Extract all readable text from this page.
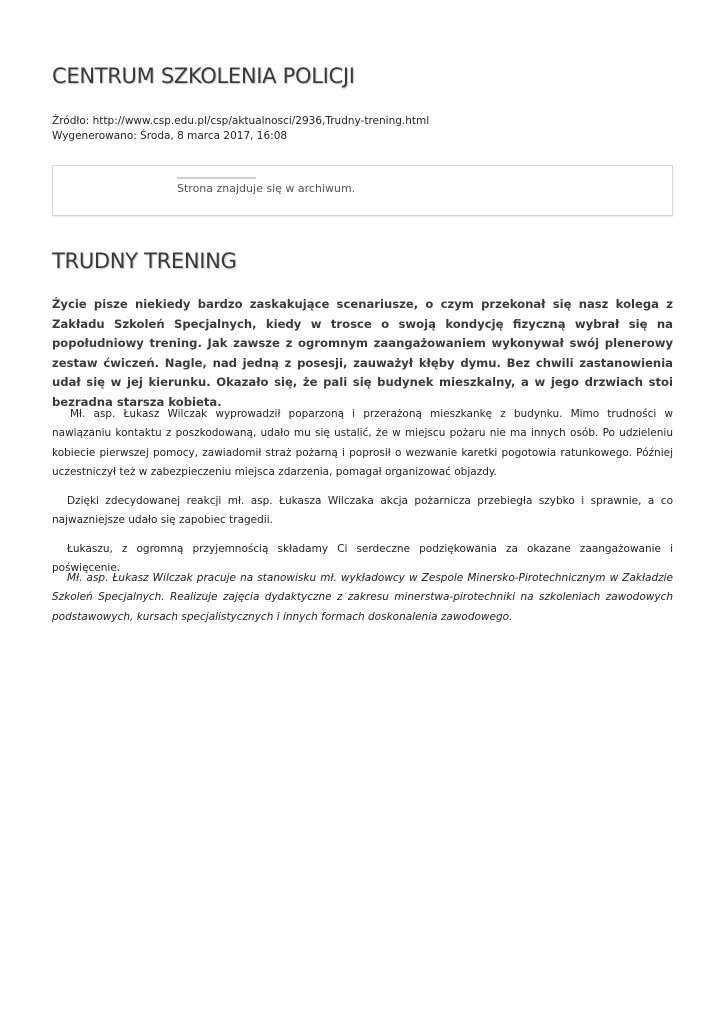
CENTRUM SZKOLENIA POLICJI
Źródło: http://www.csp.edu.pl/csp/aktualnosci/2936,Trudny-trening.html
Wygenerowano: Środa, 8 marca 2017, 16:08
Strona znajduje się w archiwum.
TRUDNY TRENING

Życie pisze niekiedy bardzo zaskakujące scenariusze, o czym przekonał się nasz kolega z Zakładu Szkoleń Specjalnych, kiedy w trosce o swoją kondycję fizyczną wybrał się na popołudniowy trening. Jak zawsze z ogromnym zaangażowaniem wykonywał swój plenerowy zestaw ćwiczeń. Nagle, nad jedną z posesji, zauważył kłęby dymu. Bez chwili zastanowienia udał się w jej kierunku. Okazało się, że pali się budynek mieszkalny, a w jego drzwiach stoi bezradna starsza kobieta.

Mł. asp. Łukasz Wilczak wyprowadził poparzoną i przerażoną mieszkankę z budynku. Mimo trudności w nawiązaniu kontaktu z poszkodowaną, udało mu się ustalić, że w miejscu pożaru nie ma innych osób. Po udzieleniu kobiecie pierwszej pomocy, zawiadomił straż pożarną i poprosił o wezwanie karetki pogotowia ratunkowego. Później uczestniczył też w zabezpieczeniu miejsca zdarzenia, pomagał organizować objazdy.

Dzięki zdecydowanej reakcji mł. asp. Łukasza Wilczaka akcja pożarnicza przebiegła szybko i sprawnie, a co najwazniejsze udało się zapobiec tragedii.

Łukaszu, z ogromną przyjemnością składamy Ci serdeczne podziękowania za okazane zaangażowanie i poświęcenie.

Mł. asp. Łukasz Wilczak pracuje na stanowisku mł. wykładowcy w Zespole Minersko-Pirotechnicznym w Zakładzie Szkoleń Specjalnych. Realizuje zajęcia dydaktyczne z zakresu minerstwa-pirotechniki na szkoleniach zawodowych podstawowych, kursach specjalistycznych i innych formach doskonalenia zawodowego.
